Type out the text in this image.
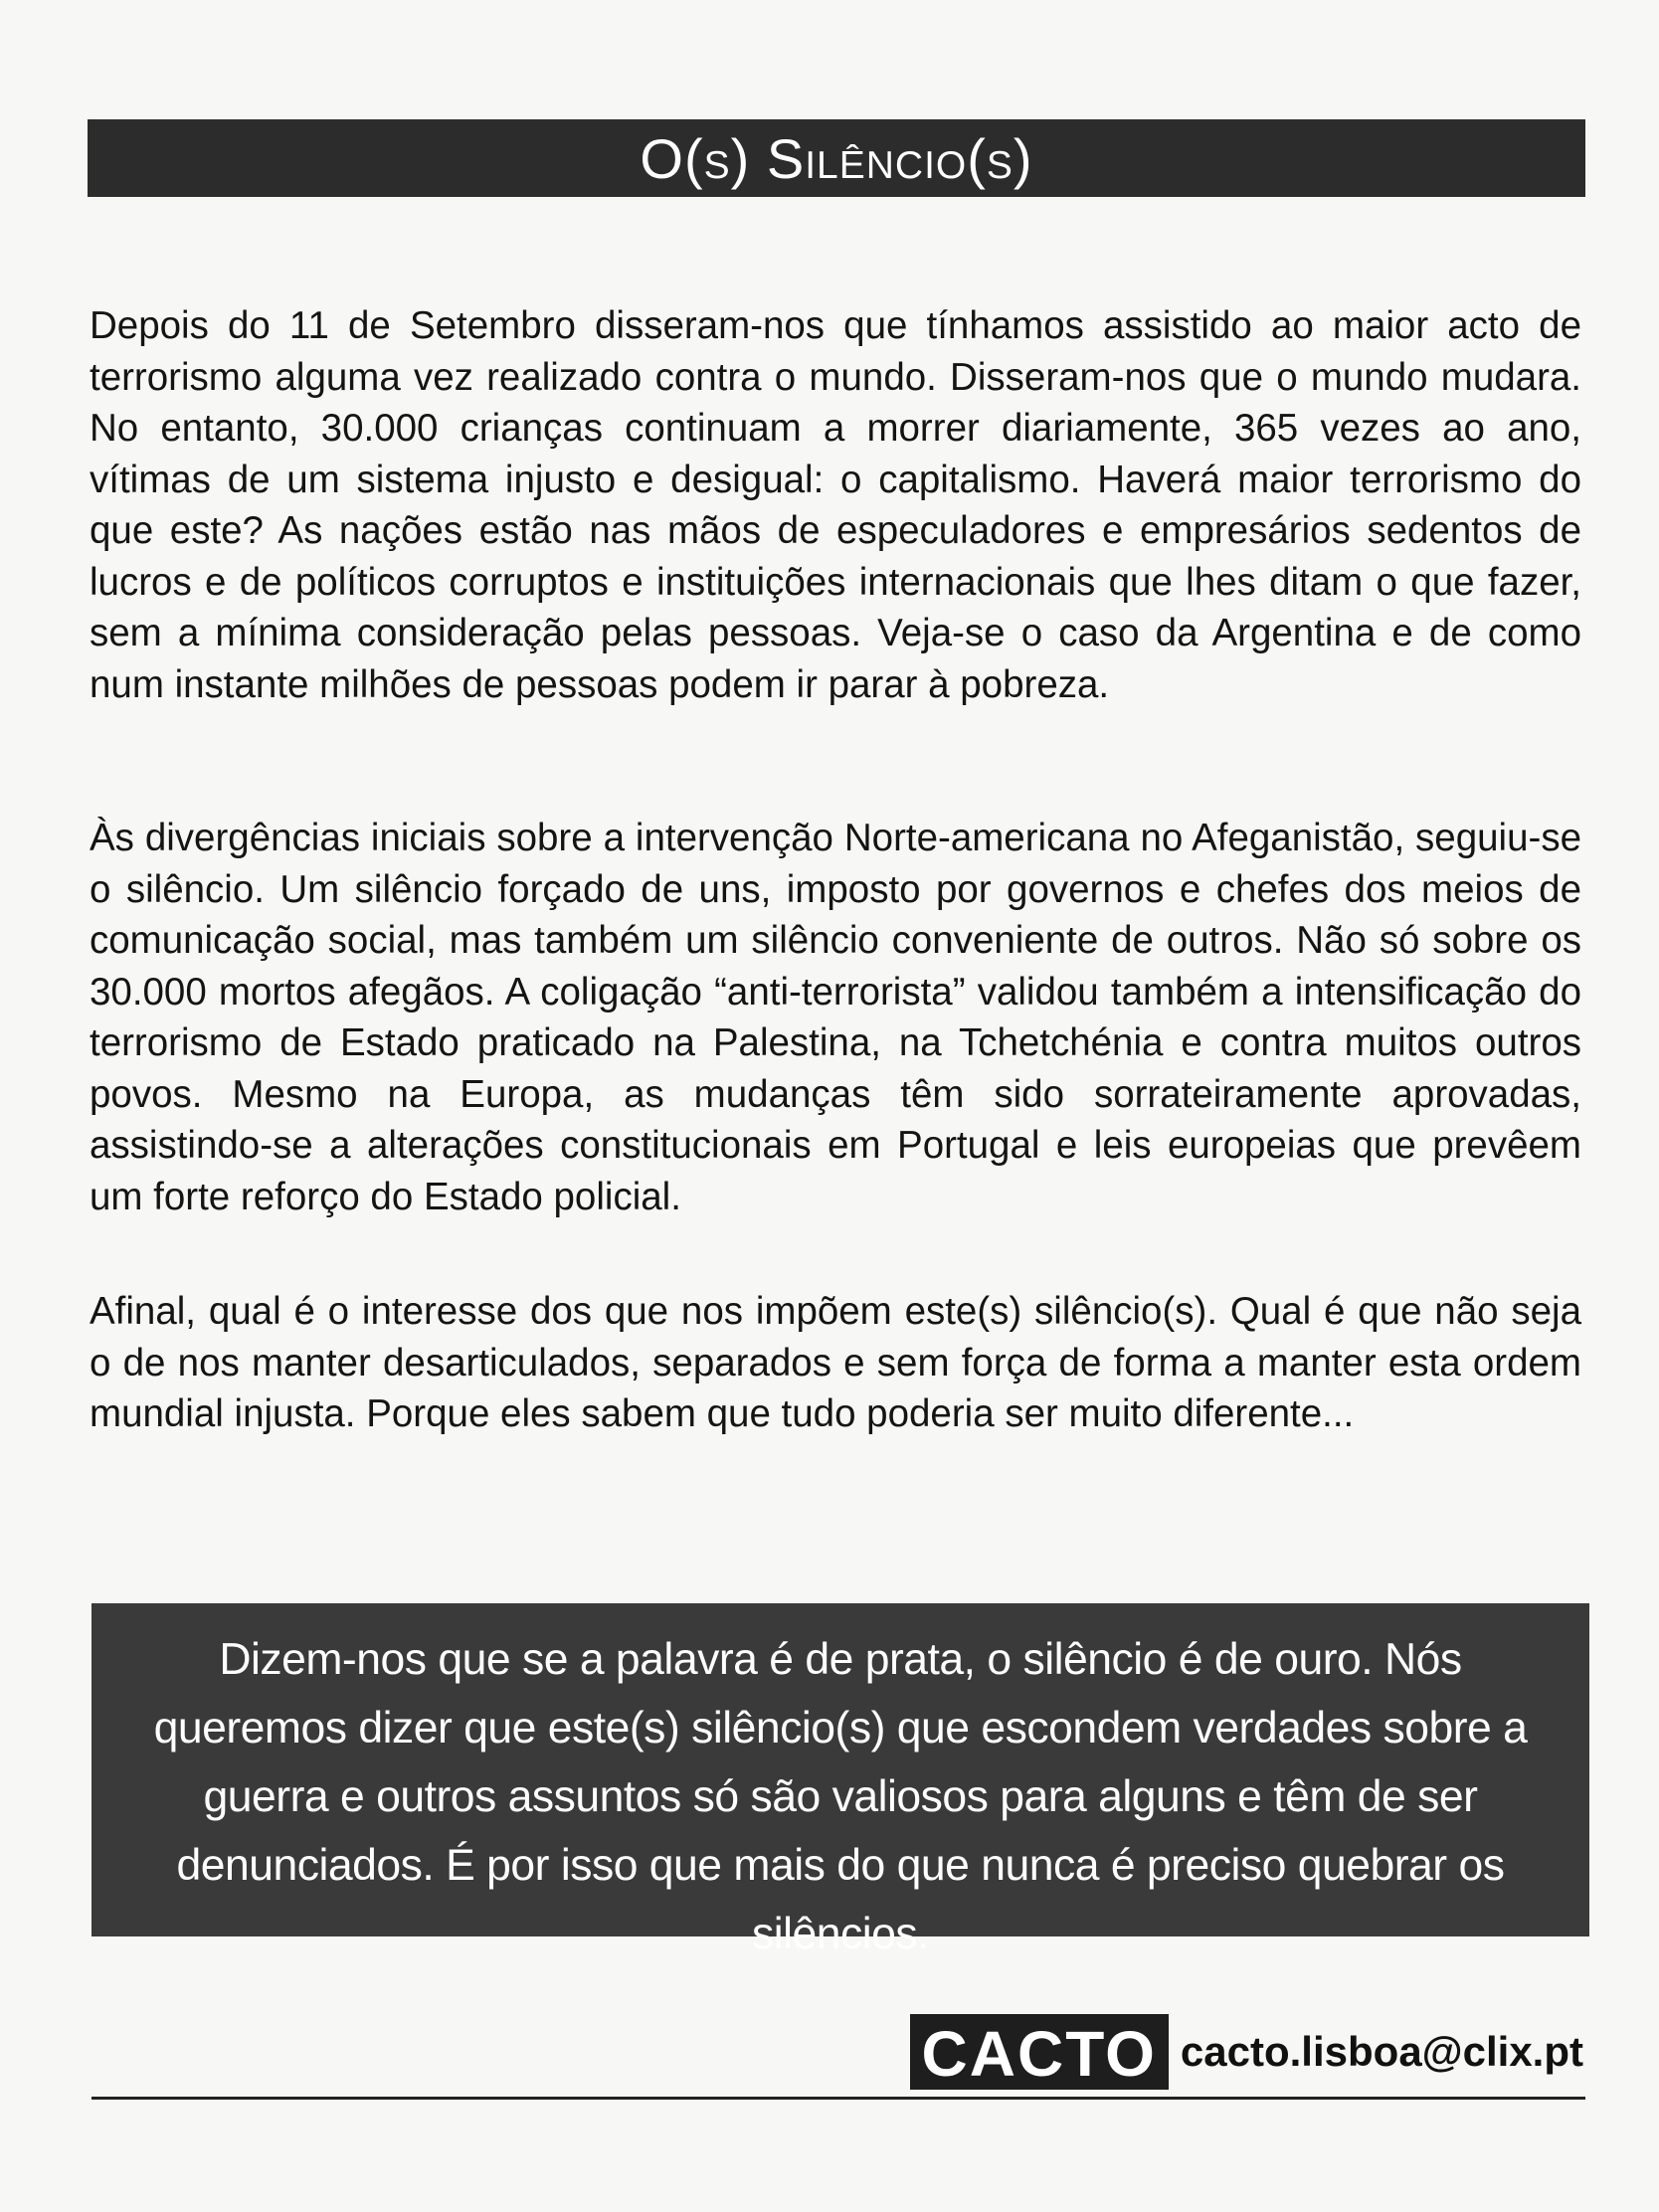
O(s) Silêncio(s)

Depois do 11 de Setembro disseram-nos que tínhamos assistido ao maior acto de terrorismo alguma vez realizado contra o mundo. Disseram-nos que o mundo mudara. No entanto, 30.000 crianças continuam a morrer diariamente, 365 vezes ao ano, vítimas de um sistema injusto e desigual: o capitalismo. Haverá maior terrorismo do que este? As nações estão nas mãos de especuladores e empresários sedentos de lucros e de políticos corruptos e instituições internacionais que lhes ditam o que fazer, sem a mínima consideração pelas pessoas. Veja-se o caso da Argentina e de como num instante milhões de pessoas podem ir parar à pobreza.

Às divergências iniciais sobre a intervenção Norte-americana no Afeganistão, seguiu-se o silêncio. Um silêncio forçado de uns, imposto por governos e chefes dos meios de comunicação social, mas também um silêncio conveniente de outros. Não só sobre os 30.000 mortos afegãos. A coligação “anti-terrorista” validou também a intensificação do terrorismo de Estado praticado na Palestina, na Tchetchénia e contra muitos outros povos. Mesmo na Europa, as mudanças têm sido sorrateiramente aprovadas, assistindo-se a alterações constitucionais em Portugal e leis europeias que prevêem um forte reforço do Estado policial.

Afinal, qual é o interesse dos que nos impõem este(s) silêncio(s). Qual é que não seja o de nos manter desarticulados, separados e sem força de forma a manter esta ordem mundial injusta. Porque eles sabem que tudo poderia ser muito diferente...

Dizem-nos que se a palavra é de prata, o silêncio é de ouro. Nós queremos dizer que este(s) silêncio(s) que escondem verdades sobre a guerra e outros assuntos só são valiosos para alguns e têm de ser denunciados. É por isso que mais do que nunca é preciso quebrar os silêncios.

CACTO cacto.lisboa@clix.pt
